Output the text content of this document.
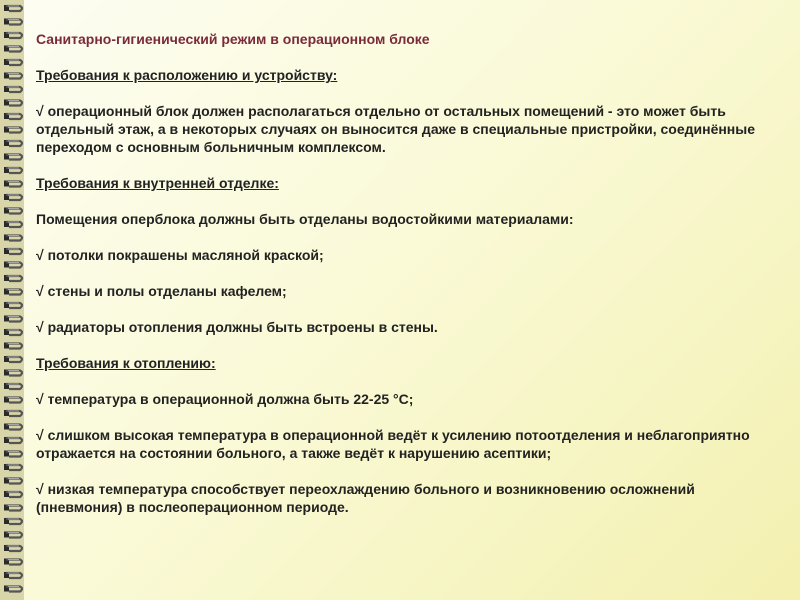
Санитарно-гигиенический режим в операционном блоке

Требования к расположению и устройству:

√ операционный блок должен располагаться отдельно от остальных помещений - это может быть отдельный этаж, а в некоторых случаях он выносится даже в специальные пристройки, соединённые переходом с основным больничным комплексом.

Требования к внутренней отделке:

Помещения оперблока должны быть отделаны водостойкими материалами:

√ потолки покрашены масляной краской;

√ стены и полы отделаны кафелем;

√ радиаторы отопления должны быть встроены в стены.

Требования к отоплению:

√ температура в операционной должна быть 22-25 °С;

√ слишком высокая температура в операционной ведёт к усилению потоотделения и неблагоприятно отражается на состоянии больного, а также ведёт к нарушению асептики;

√ низкая температура способствует переохлаждению больного и возникновению осложнений (пневмония) в послеоперационном периоде.
